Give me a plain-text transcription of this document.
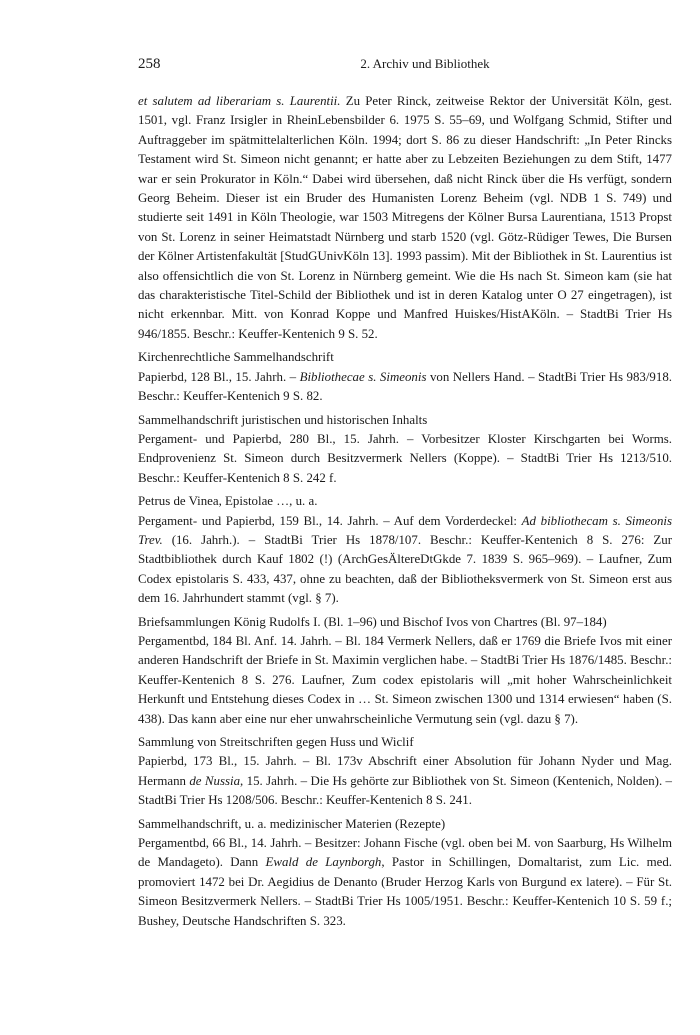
258	2. Archiv und Bibliothek

et salutem ad liberariam s. Laurentii. Zu Peter Rinck, zeitweise Rektor der Universität Köln, gest. 1501, vgl. Franz Irsigler in RheinLebensbilder 6. 1975 S. 55–69, und Wolfgang Schmid, Stifter und Auftraggeber im spätmittelalterlichen Köln. 1994; dort S. 86 zu dieser Handschrift: „In Peter Rincks Testament wird St. Simeon nicht genannt; er hatte aber zu Lebzeiten Beziehungen zu dem Stift, 1477 war er sein Prokurator in Köln.“ Dabei wird übersehen, daß nicht Rinck über die Hs verfügt, sondern Georg Beheim. Dieser ist ein Bruder des Humanisten Lorenz Beheim (vgl. NDB 1 S. 749) und studierte seit 1491 in Köln Theologie, war 1503 Mitregens der Kölner Bursa Laurentiana, 1513 Propst von St. Lorenz in seiner Heimatstadt Nürnberg und starb 1520 (vgl. Götz-Rüdiger Tewes, Die Bursen der Kölner Artistenfakultät [StudGUnivKöln 13]. 1993 passim). Mit der Bibliothek in St. Laurentius ist also offensichtlich die von St. Lorenz in Nürnberg gemeint. Wie die Hs nach St. Simeon kam (sie hat das charakteristische Titel-Schild der Bibliothek und ist in deren Katalog unter O 27 eingetragen), ist nicht erkennbar. Mitt. von Konrad Koppe und Manfred Huiskes/HistAKöln. – StadtBi Trier Hs 946/1855. Beschr.: Keuffer-Kentenich 9 S. 52.

Kirchenrechtliche Sammelhandschrift

Papierbd, 128 Bl., 15. Jahrh. – Bibliothecae s. Simeonis von Nellers Hand. – StadtBi Trier Hs 983/918. Beschr.: Keuffer-Kentenich 9 S. 82.

Sammelhandschrift juristischen und historischen Inhalts

Pergament- und Papierbd, 280 Bl., 15. Jahrh. – Vorbesitzer Kloster Kirschgarten bei Worms. Endprovenienz St. Simeon durch Besitzvermerk Nellers (Koppe). – StadtBi Trier Hs 1213/510. Beschr.: Keuffer-Kentenich 8 S. 242 f.

Petrus de Vinea, Epistolae …, u. a.

Pergament- und Papierbd, 159 Bl., 14. Jahrh. – Auf dem Vorderdeckel: Ad bibliothecam s. Simeonis Trev. (16. Jahrh.). – StadtBi Trier Hs 1878/107. Beschr.: Keuffer-Kentenich 8 S. 276: Zur Stadtbibliothek durch Kauf 1802 (!) (ArchGesÄltereDtGkde 7. 1839 S. 965–969). – Laufner, Zum Codex epistolaris S. 433, 437, ohne zu beachten, daß der Bibliotheksvermerk von St. Simeon erst aus dem 16. Jahrhundert stammt (vgl. § 7).

Briefsammlungen König Rudolfs I. (Bl. 1–96) und Bischof Ivos von Chartres (Bl. 97–184)

Pergamentbd, 184 Bl. Anf. 14. Jahrh. – Bl. 184 Vermerk Nellers, daß er 1769 die Briefe Ivos mit einer anderen Handschrift der Briefe in St. Maximin verglichen habe. – StadtBi Trier Hs 1876/1485. Beschr.: Keuffer-Kentenich 8 S. 276. Laufner, Zum codex epistolaris will „mit hoher Wahrscheinlichkeit Herkunft und Entstehung dieses Codex in … St. Simeon zwischen 1300 und 1314 erwiesen“ haben (S. 438). Das kann aber eine nur eher unwahrscheinliche Vermutung sein (vgl. dazu § 7).

Sammlung von Streitschriften gegen Huss und Wiclif

Papierbd, 173 Bl., 15. Jahrh. – Bl. 173v Abschrift einer Absolution für Johann Nyder und Mag. Hermann de Nussia, 15. Jahrh. – Die Hs gehörte zur Bibliothek von St. Simeon (Kentenich, Nolden). – StadtBi Trier Hs 1208/506. Beschr.: Keuffer-Kentenich 8 S. 241.

Sammelhandschrift, u. a. medizinischer Materien (Rezepte)

Pergamentbd, 66 Bl., 14. Jahrh. – Besitzer: Johann Fische (vgl. oben bei M. von Saarburg, Hs Wilhelm de Mandageto). Dann Ewald de Laynborgh, Pastor in Schillingen, Domaltarist, zum Lic. med. promoviert 1472 bei Dr. Aegidius de Denanto (Bruder Herzog Karls von Burgund ex latere). – Für St. Simeon Besitzvermerk Nellers. – StadtBi Trier Hs 1005/1951. Beschr.: Keuffer-Kentenich 10 S. 59 f.; Bushey, Deutsche Handschriften S. 323.
